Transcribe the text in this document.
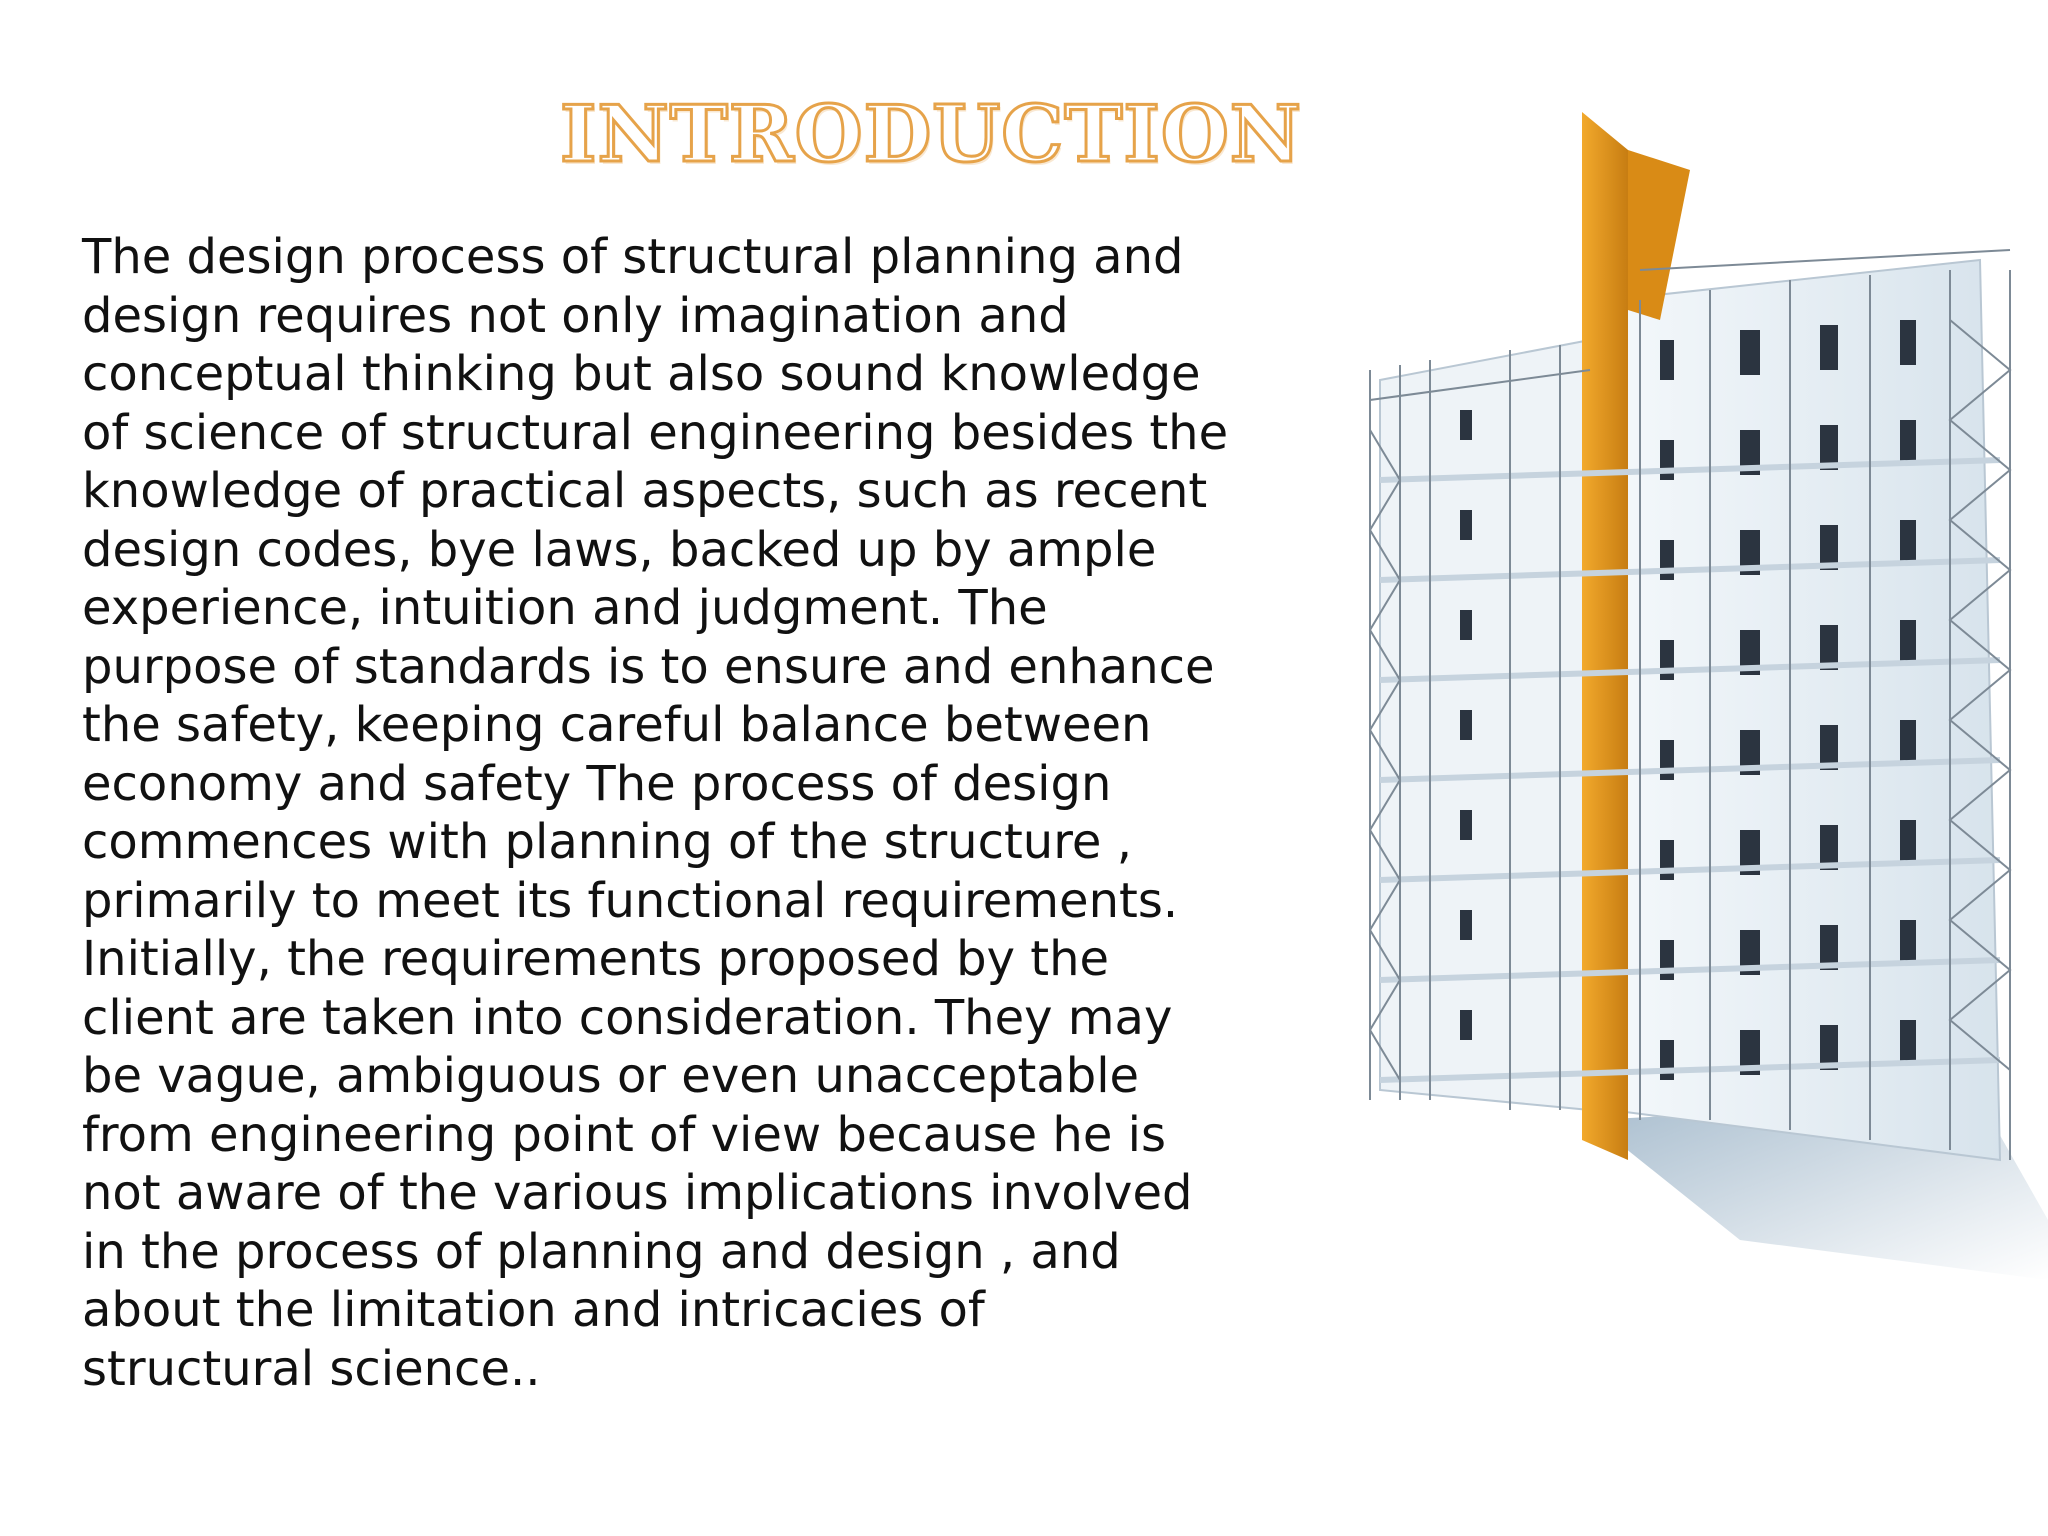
INTRODUCTION

The design process of structural planning and
design requires not only imagination and
conceptual thinking but also sound knowledge
of science of structural engineering besides the
knowledge of practical aspects, such as recent
design codes, bye laws, backed up by ample
experience, intuition and judgment. The
purpose of standards is to ensure and enhance
the safety, keeping careful balance between
economy and safety The process of design
commences with planning of the structure ,
primarily to meet its functional requirements.
Initially, the requirements proposed by the
client are taken into consideration. They may
be vague, ambiguous or even unacceptable
from engineering point of view because he is
not aware of the various implications involved
in the process of planning and design , and
about the limitation and intricacies of
structural science..
